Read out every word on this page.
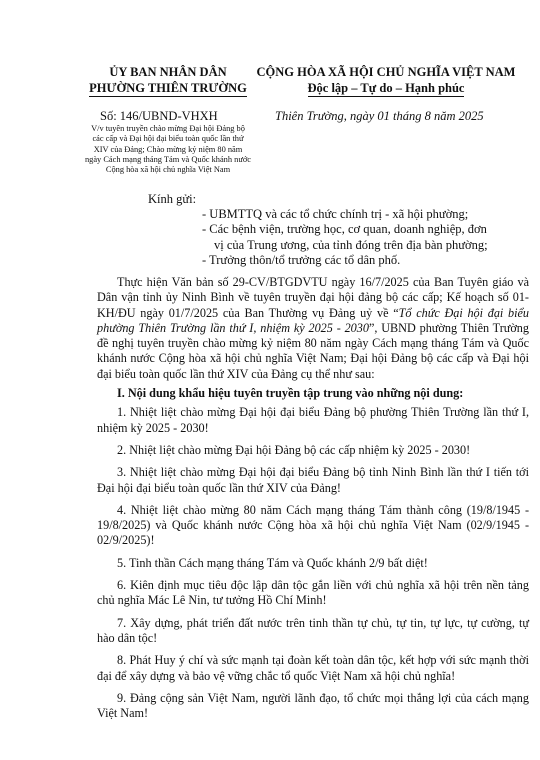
ỦY BAN NHÂN DÂN
PHƯỜNG THIÊN TRƯỜNG
CỘNG HÒA XÃ HỘI CHỦ NGHĨA VIỆT NAM
Độc lập – Tự do – Hạnh phúc
Số: 146/UBND-VHXH	Thiên Trường, ngày 01 tháng 8 năm 2025
V/v tuyên truyền chào mừng Đại hội Đảng bộ
các cấp và Đại hội đại biểu toàn quốc lần thứ
XIV của Đảng; Chào mừng kỷ niệm 80 năm
ngày Cách mạng tháng Tám và Quốc khánh nước
Cộng hòa xã hội chủ nghĩa Việt Nam
Kính gửi:
- UBMTTQ và các tổ chức chính trị - xã hội phường;
- Các bệnh viện, trường học, cơ quan, doanh nghiệp, đơn
vị của Trung ương, của tỉnh đóng trên địa bàn phường;
- Trưởng thôn/tổ trưởng các tổ dân phố.

Thực hiện Văn bản số 29-CV/BTGDVTU ngày 16/7/2025 của Ban Tuyên giáo và Dân vận tỉnh ủy Ninh Bình về tuyên truyền đại hội đảng bộ các cấp; Kế hoạch số 01-KH/ĐU ngày 01/7/2025 của Ban Thường vụ Đảng uỷ về “Tổ chức Đại hội đại biểu phường Thiên Trường lần thứ I, nhiệm kỳ 2025 - 2030”, UBND phường Thiên Trường đề nghị tuyên truyền chào mừng kỷ niệm 80 năm ngày Cách mạng tháng Tám và Quốc khánh nước Cộng hòa xã hội chủ nghĩa Việt Nam; Đại hội Đảng bộ các cấp và Đại hội đại biểu toàn quốc lần thứ XIV của Đảng cụ thể như sau:

I. Nội dung khẩu hiệu tuyên truyền tập trung vào những nội dung:

1. Nhiệt liệt chào mừng Đại hội đại biểu Đảng bộ phường Thiên Trường lần thứ I, nhiệm kỳ 2025 - 2030!

2. Nhiệt liệt chào mừng Đại hội Đảng bộ các cấp nhiệm kỳ 2025 - 2030!

3. Nhiệt liệt chào mừng Đại hội đại biểu Đảng bộ tỉnh Ninh Bình lần thứ I tiến tới Đại hội đại biểu toàn quốc lần thứ XIV của Đảng!

4. Nhiệt liệt chào mừng 80 năm Cách mạng tháng Tám thành công (19/8/1945 - 19/8/2025) và Quốc khánh nước Cộng hòa xã hội chủ nghĩa Việt Nam (02/9/1945 - 02/9/2025)!

5. Tinh thần Cách mạng tháng Tám và Quốc khánh 2/9 bất diệt!

6. Kiên định mục tiêu độc lập dân tộc gắn liền với chủ nghĩa xã hội trên nền tảng chủ nghĩa Mác Lê Nin, tư tưởng Hồ Chí Minh!

7. Xây dựng, phát triển đất nước trên tinh thần tự chủ, tự tin, tự lực, tự cường, tự hào dân tộc!

8. Phát Huy ý chí và sức mạnh tại đoàn kết toàn dân tộc, kết hợp với sức mạnh thời đại để xây dựng và bảo vệ vững chắc tổ quốc Việt Nam xã hội chủ nghĩa!

9. Đảng cộng sản Việt Nam, người lãnh đạo, tổ chức mọi thắng lợi của cách mạng Việt Nam!
